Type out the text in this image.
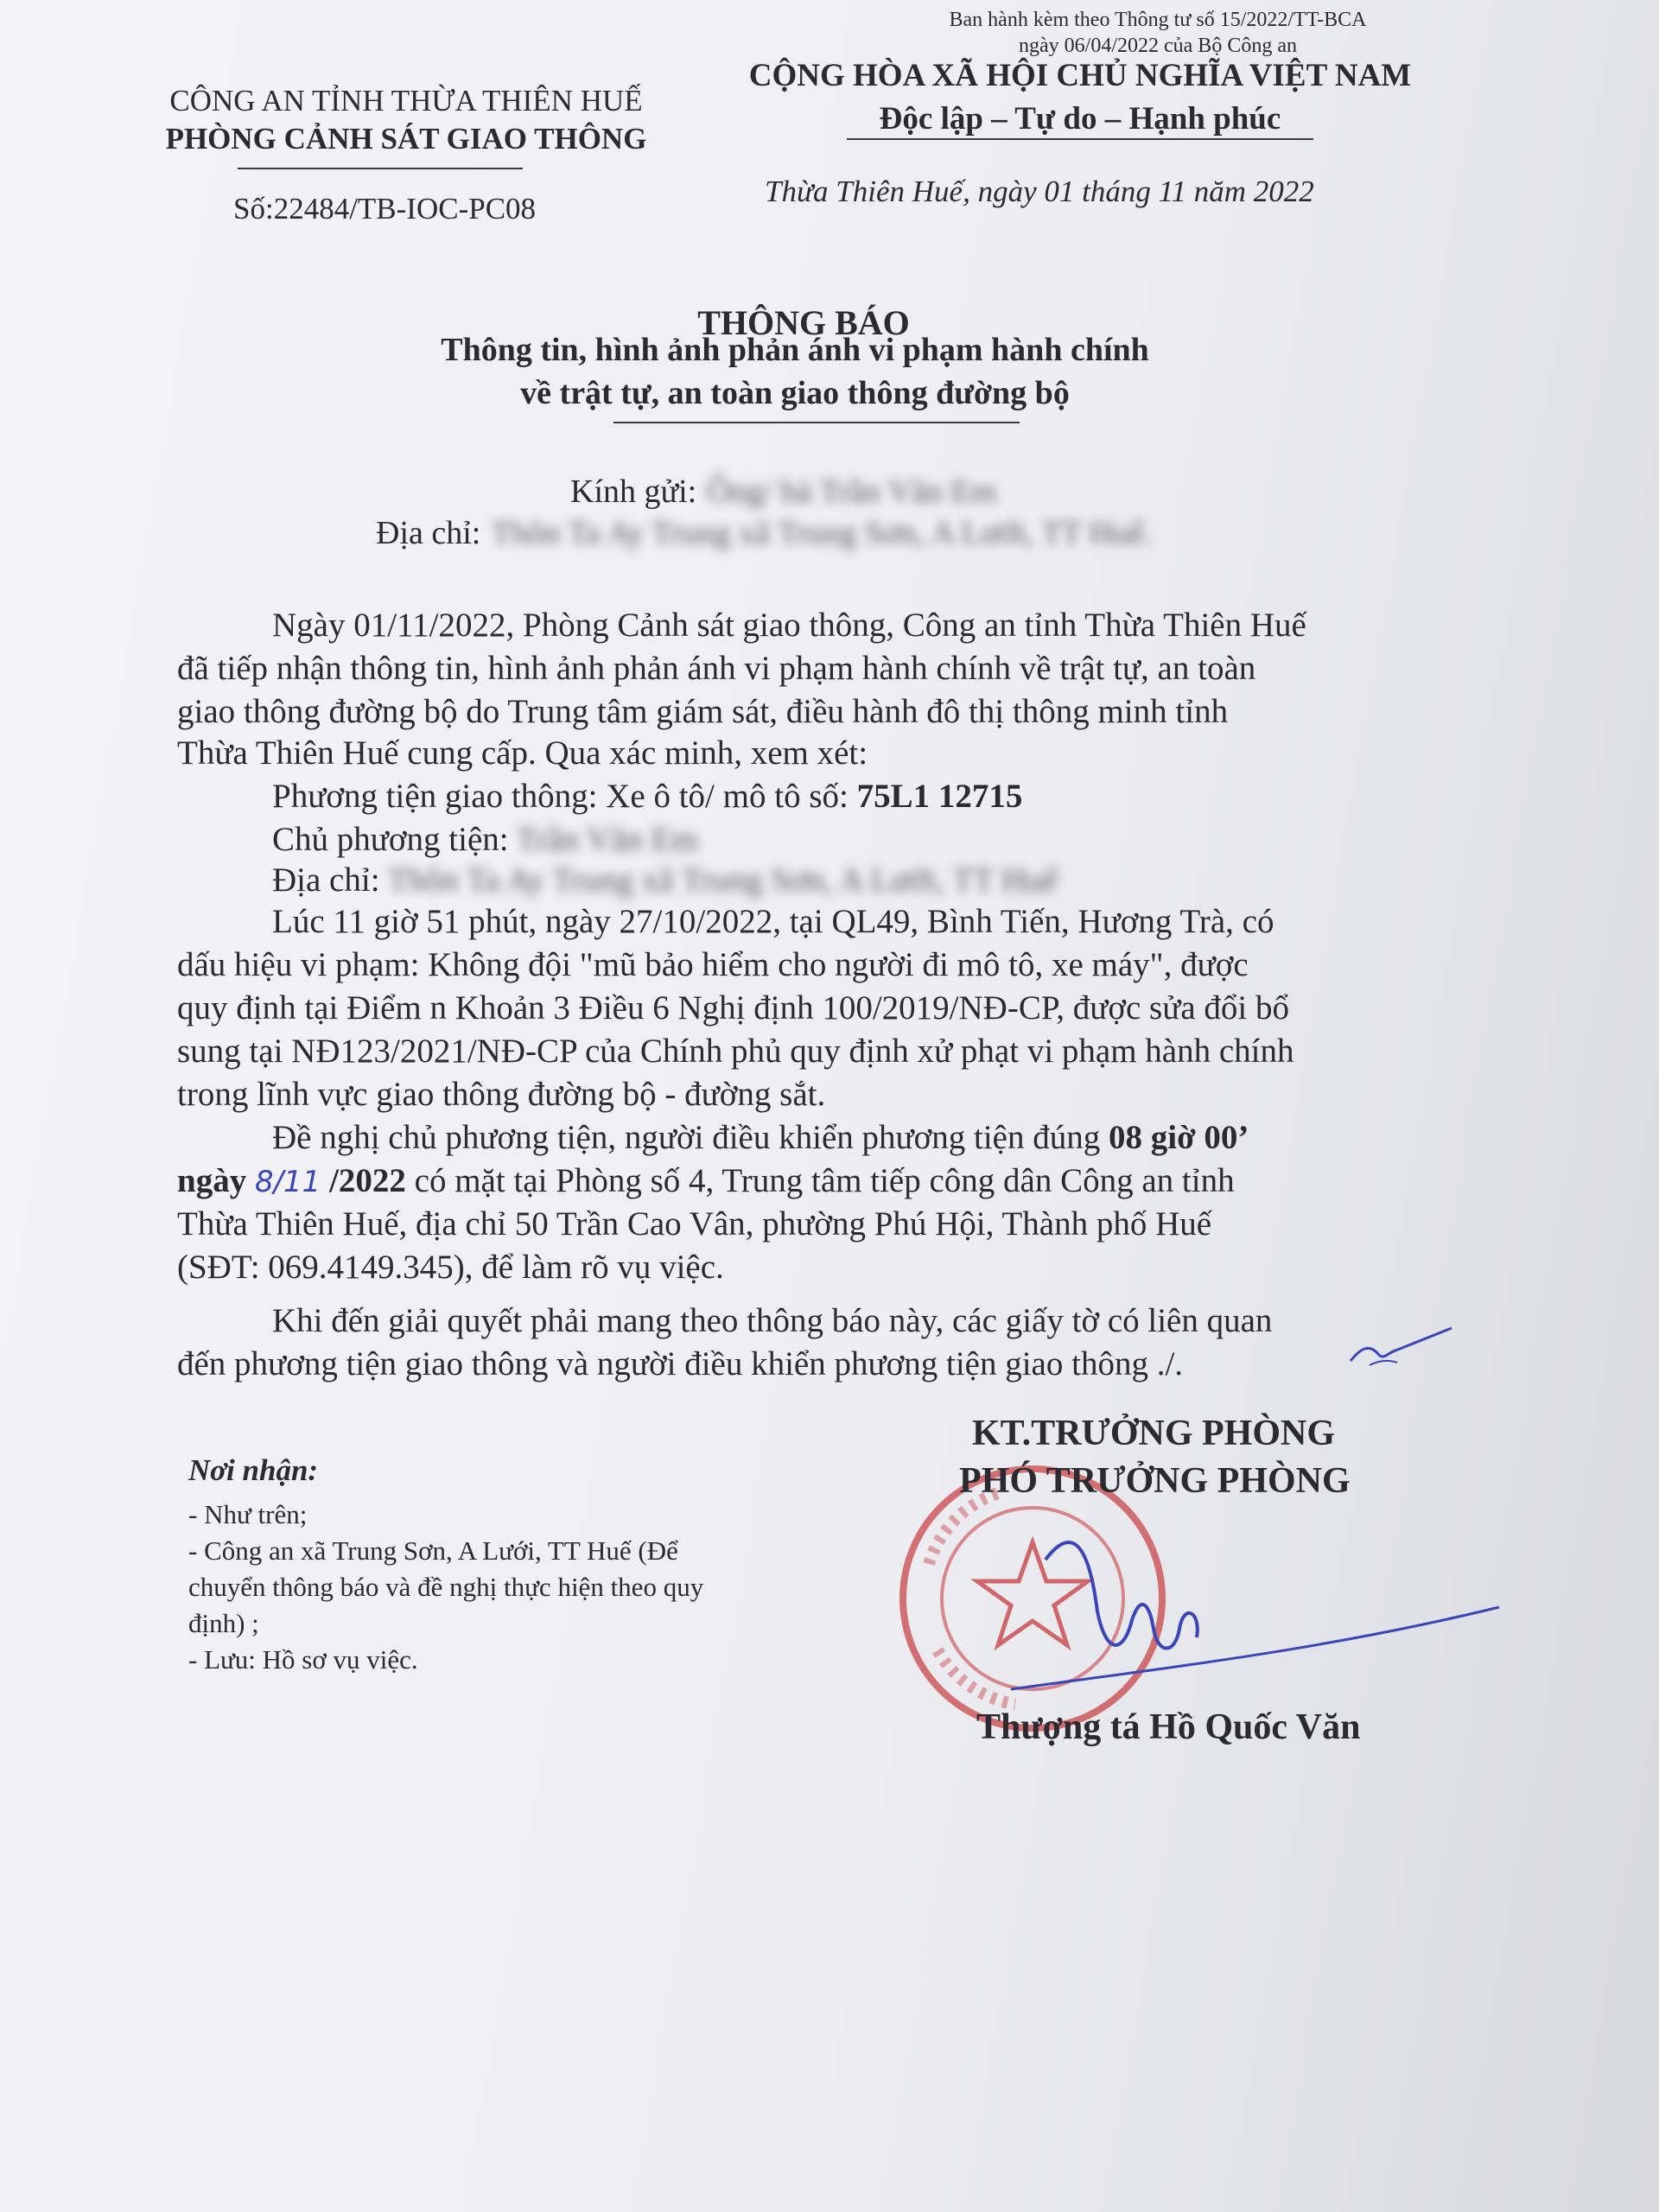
Ban hành kèm theo Thông tư số 15/2022/TT-BCA
ngày 06/04/2022 của Bộ Công an
CÔNG AN TỈNH THỪA THIÊN HUẾ
PHÒNG CẢNH SÁT GIAO THÔNG
CỘNG HÒA XÃ HỘI CHỦ NGHĨA VIỆT NAM
Độc lập – Tự do – Hạnh phúc
Số:22484/TB-IOC-PC08
Thừa Thiên Huế, ngày 01 tháng 11 năm 2022
THÔNG BÁO
Thông tin, hình ảnh phản ánh vi phạm hành chính
về trật tự, an toàn giao thông đường bộ
Kính gửi: Ông/ bà Trần Văn Em
Địa chỉ: Thôn Ta Ay Trung xã Trung Sơn, A Lưới, TT Huế.
Ngày 01/11/2022, Phòng Cảnh sát giao thông, Công an tỉnh Thừa Thiên Huế
đã tiếp nhận thông tin, hình ảnh phản ánh vi phạm hành chính về trật tự, an toàn
giao thông đường bộ do Trung tâm giám sát, điều hành đô thị thông minh tỉnh
Thừa Thiên Huế cung cấp. Qua xác minh, xem xét:
Phương tiện giao thông: Xe ô tô/ mô tô số: 75L1 12715
Chủ phương tiện: Trần Văn Em
Địa chỉ: Thôn Ta Ay Trung xã Trung Sơn, A Lưới, TT Huế
Lúc 11 giờ 51 phút, ngày 27/10/2022, tại QL49, Bình Tiến, Hương Trà, có
dấu hiệu vi phạm: Không đội "mũ bảo hiểm cho người đi mô tô, xe máy", được
quy định tại Điểm n Khoản 3 Điều 6 Nghị định 100/2019/NĐ-CP, được sửa đổi bổ
sung tại NĐ123/2021/NĐ-CP của Chính phủ quy định xử phạt vi phạm hành chính
trong lĩnh vực giao thông đường bộ - đường sắt.
Đề nghị chủ phương tiện, người điều khiển phương tiện đúng 08 giờ 00’
ngày 8/11 /2022 có mặt tại Phòng số 4, Trung tâm tiếp công dân Công an tỉnh
Thừa Thiên Huế, địa chỉ 50 Trần Cao Vân, phường Phú Hội, Thành phố Huế
(SĐT: 069.4149.345), để làm rõ vụ việc.
Khi đến giải quyết phải mang theo thông báo này, các giấy tờ có liên quan
đến phương tiện giao thông và người điều khiển phương tiện giao thông ./.
Nơi nhận:
- Như trên;
- Công an xã Trung Sơn, A Lưới, TT Huế (Để
chuyển thông báo và đề nghị thực hiện theo quy
định) ;
- Lưu: Hồ sơ vụ việc.
KT.TRƯỞNG PHÒNG
PHÓ TRƯỞNG PHÒNG
Thượng tá Hồ Quốc Văn
